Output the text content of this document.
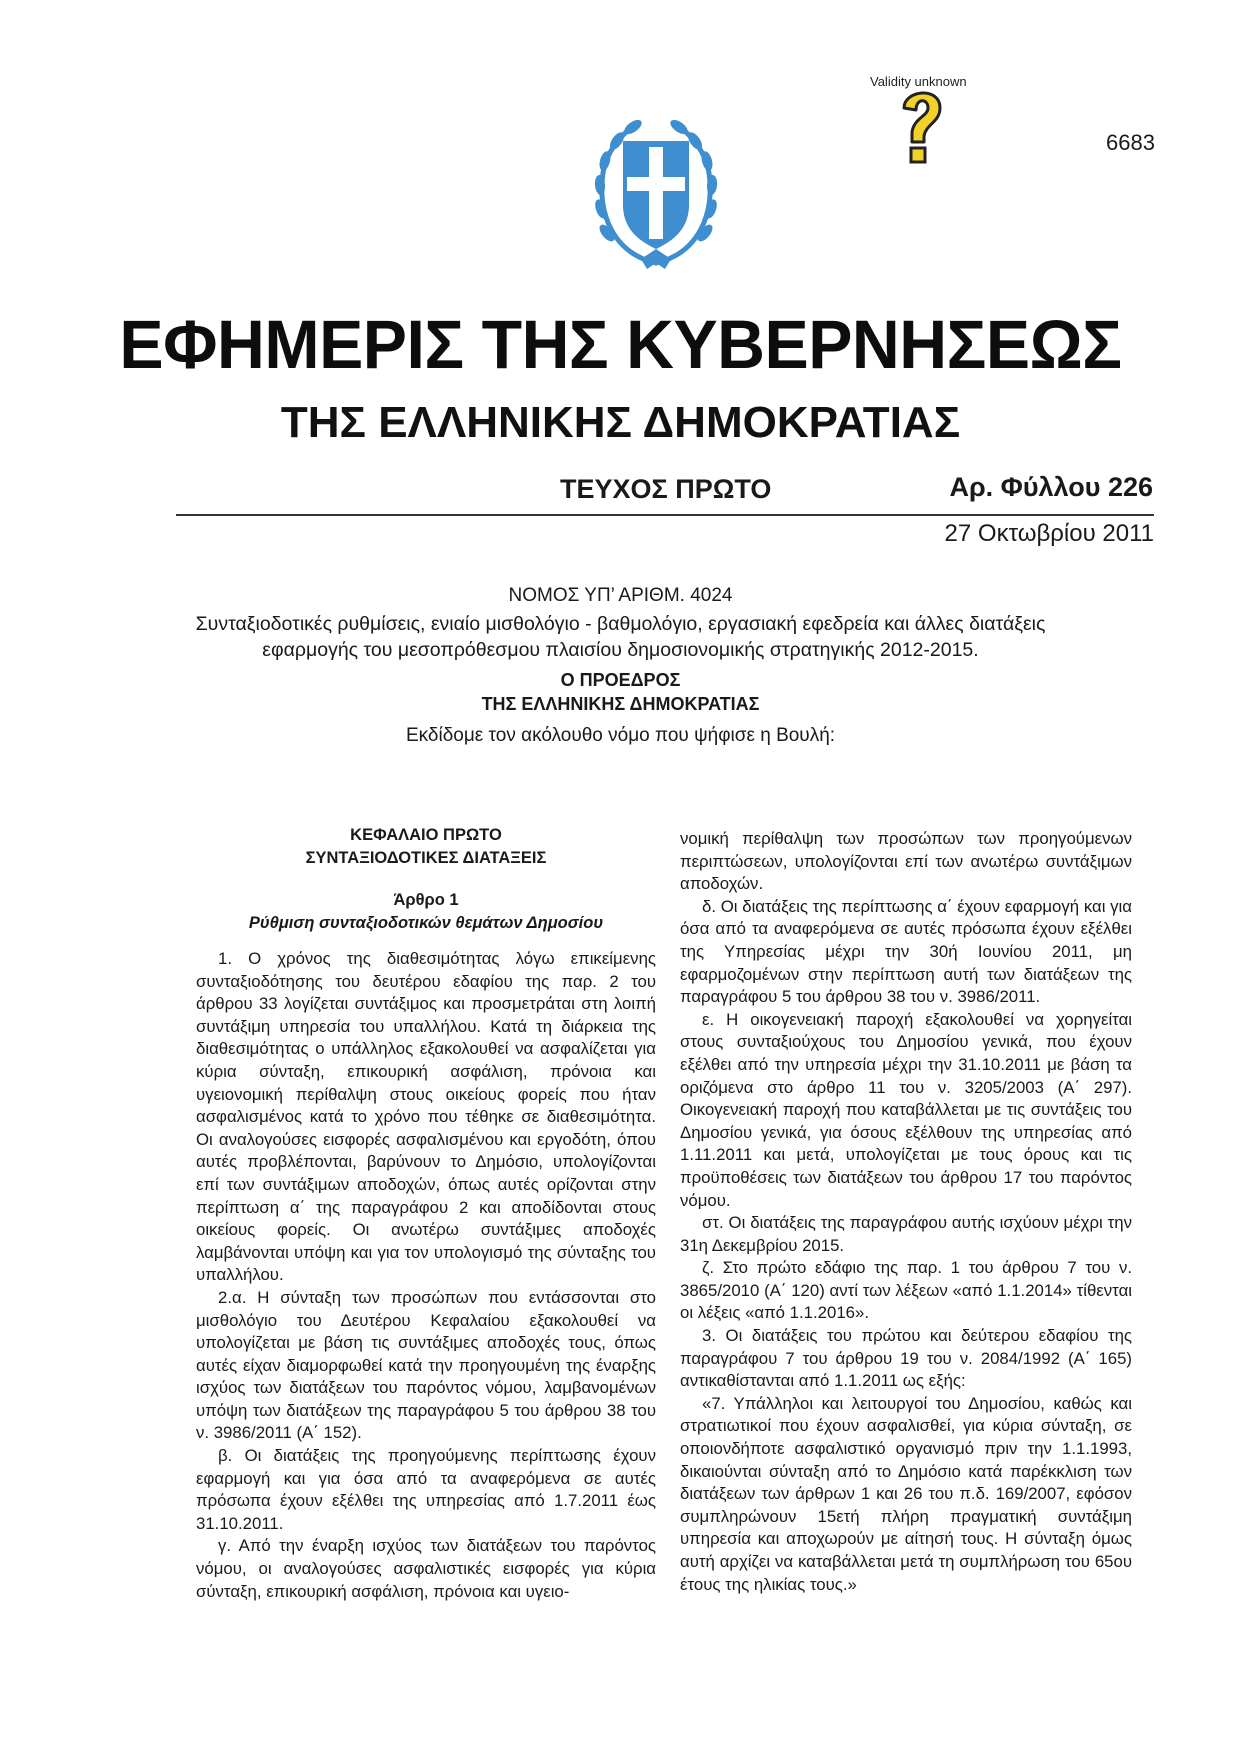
Validity unknown
6683
ΕΦΗΜΕΡΙΣ ΤΗΣ ΚΥΒΕΡΝΗΣΕΩΣ
ΤΗΣ ΕΛΛΗΝΙΚΗΣ ΔΗΜΟΚΡΑΤΙΑΣ
ΤΕΥΧΟΣ ΠΡΩΤΟ	Αρ. Φύλλου 226
27 Οκτωβρίου 2011
ΝΟΜΟΣ ΥΠ’ ΑΡΙΘΜ. 4024
Συνταξιοδοτικές ρυθμίσεις, ενιαίο μισθολόγιο - βαθμολόγιο, εργασιακή εφεδρεία και άλλες διατάξεις
εφαρμογής του μεσοπρόθεσμου πλαισίου δημοσιονομικής στρατηγικής 2012-2015.
Ο ΠΡΟΕΔΡΟΣ
ΤΗΣ ΕΛΛΗΝΙΚΗΣ ΔΗΜΟΚΡΑΤΙΑΣ
Εκδίδομε τον ακόλουθο νόμο που ψήφισε η Βουλή:
ΚΕΦΑΛΑΙΟ ΠΡΩΤΟ
ΣΥΝΤΑΞΙΟΔΟΤΙΚΕΣ ΔΙΑΤΑΞΕΙΣ
Άρθρο 1
Ρύθμιση συνταξιοδοτικών θεμάτων Δημοσίου

1. Ο χρόνος της διαθεσιμότητας λόγω επικείμενης συνταξιοδότησης του δευτέρου εδαφίου της παρ. 2 του άρθρου 33 λογίζεται συντάξιμος και προσμετράται στη λοιπή συντάξιμη υπηρεσία του υπαλλήλου. Κατά τη διάρκεια της διαθεσιμότητας ο υπάλληλος εξακολουθεί να ασφαλίζεται για κύρια σύνταξη, επικουρική ασφάλιση, πρόνοια και υγειονομική περίθαλψη στους οικείους φορείς που ήταν ασφαλισμένος κατά το χρόνο που τέθηκε σε διαθεσιμότητα. Οι αναλογούσες εισφορές ασφαλισμένου και εργοδότη, όπου αυτές προβλέπονται, βαρύνουν το Δημόσιο, υπολογίζονται επί των συντάξιμων αποδοχών, όπως αυτές ορίζονται στην περίπτωση α΄ της παραγράφου 2 και αποδίδονται στους οικείους φορείς. Οι ανωτέρω συντάξιμες αποδοχές λαμβάνονται υπόψη και για τον υπολογισμό της σύνταξης του υπαλλήλου.

2.α. Η σύνταξη των προσώπων που εντάσσονται στο μισθολόγιο του Δευτέρου Κεφαλαίου εξακολουθεί να υπολογίζεται με βάση τις συντάξιμες αποδοχές τους, όπως αυτές είχαν διαμορφωθεί κατά την προηγουμένη της έναρξης ισχύος των διατάξεων του παρόντος νόμου, λαμβανομένων υπόψη των διατάξεων της παραγράφου 5 του άρθρου 38 του ν. 3986/2011 (Α΄ 152).

β. Οι διατάξεις της προηγούμενης περίπτωσης έχουν εφαρμογή και για όσα από τα αναφερόμενα σε αυτές πρόσωπα έχουν εξέλθει της υπηρεσίας από 1.7.2011 έως 31.10.2011.

γ. Από την έναρξη ισχύος των διατάξεων του παρόντος νόμου, οι αναλογούσες ασφαλιστικές εισφορές για κύρια σύνταξη, επικουρική ασφάλιση, πρόνοια και υγειο-

νομική περίθαλψη των προσώπων των προηγούμενων περιπτώσεων, υπολογίζονται επί των ανωτέρω συντάξιμων αποδοχών.

δ. Οι διατάξεις της περίπτωσης α΄ έχουν εφαρμογή και για όσα από τα αναφερόμενα σε αυτές πρόσωπα έχουν εξέλθει της Υπηρεσίας μέχρι την 30ή Ιουνίου 2011, μη εφαρμοζομένων στην περίπτωση αυτή των διατάξεων της παραγράφου 5 του άρθρου 38 του ν. 3986/2011.

ε. Η οικογενειακή παροχή εξακολουθεί να χορηγείται στους συνταξιούχους του Δημοσίου γενικά, που έχουν εξέλθει από την υπηρεσία μέχρι την 31.10.2011 με βάση τα οριζόμενα στο άρθρο 11 του ν. 3205/2003 (Α΄ 297). Οικογενειακή παροχή που καταβάλλεται με τις συντάξεις του Δημοσίου γενικά, για όσους εξέλθουν της υπηρεσίας από 1.11.2011 και μετά, υπολογίζεται με τους όρους και τις προϋποθέσεις των διατάξεων του άρθρου 17 του παρόντος νόμου.

στ. Οι διατάξεις της παραγράφου αυτής ισχύουν μέχρι την 31η Δεκεμβρίου 2015.

ζ. Στο πρώτο εδάφιο της παρ. 1 του άρθρου 7 του ν. 3865/2010 (Α΄ 120) αντί των λέξεων «από 1.1.2014» τίθενται οι λέξεις «από 1.1.2016».

3. Οι διατάξεις του πρώτου και δεύτερου εδαφίου της παραγράφου 7 του άρθρου 19 του ν. 2084/1992 (Α΄ 165) αντικαθίστανται από 1.1.2011 ως εξής:

«7. Υπάλληλοι και λειτουργοί του Δημοσίου, καθώς και στρατιωτικοί που έχουν ασφαλισθεί, για κύρια σύνταξη, σε οποιονδήποτε ασφαλιστικό οργανισμό πριν την 1.1.1993, δικαιούνται σύνταξη από το Δημόσιο κατά παρέκκλιση των διατάξεων των άρθρων 1 και 26 του π.δ. 169/2007, εφόσον συμπληρώνουν 15ετή πλήρη πραγματική συντάξιμη υπηρεσία και αποχωρούν με αίτησή τους. Η σύνταξη όμως αυτή αρχίζει να καταβάλλεται μετά τη συμπλήρωση του 65ου έτους της ηλικίας τους.»
